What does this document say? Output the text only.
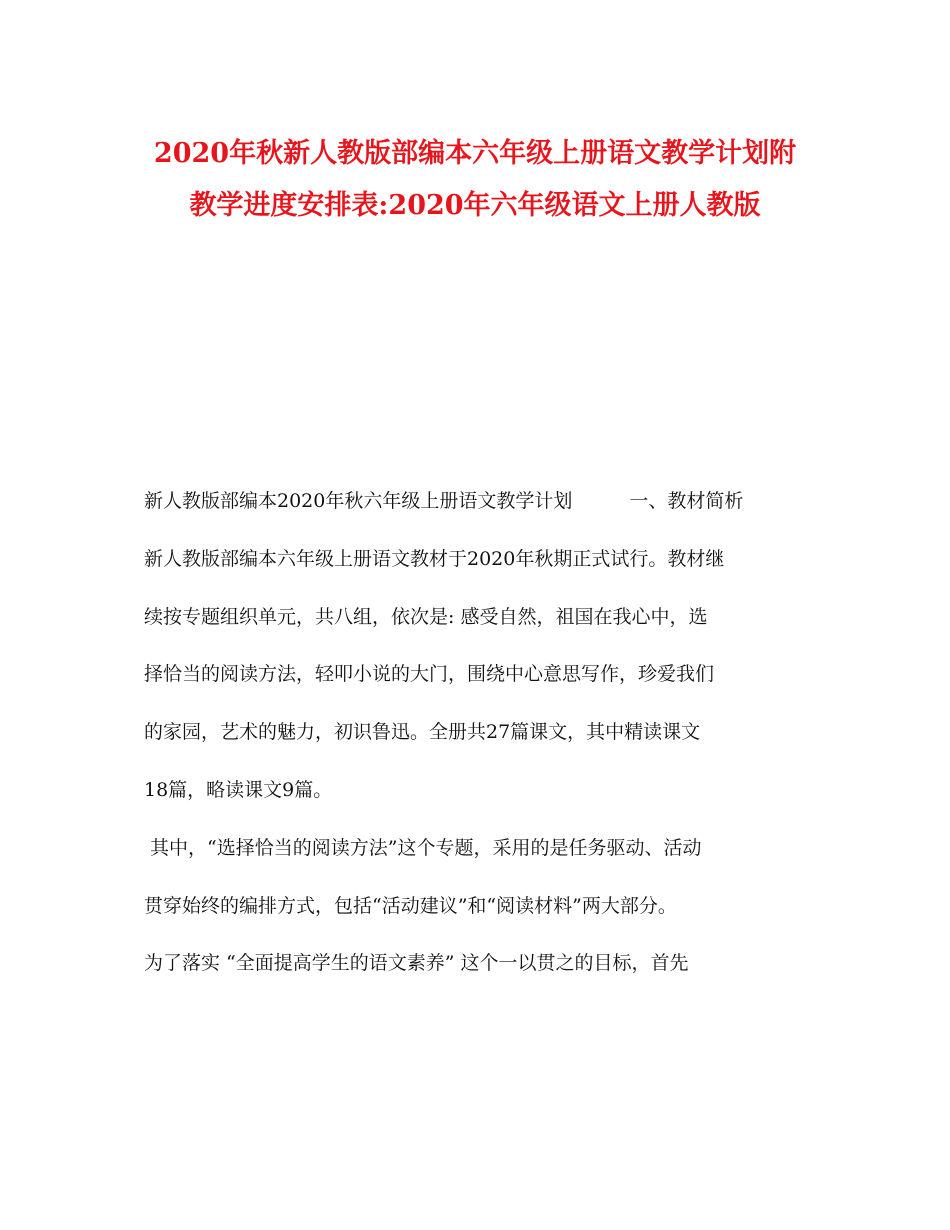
2020年秋新人教版部编本六年级上册语文教学计划附
教学进度安排表:2020年六年级语文上册人教版
新人教版部编本2020年秋六年级上册语文教学计划　　　一、教材简析
新人教版部编本六年级上册语文教材于2020年秋期正式试行。教材继
续按专题组织单元，共八组，依次是: 感受自然，祖国在我心中，选
择恰当的阅读方法，轻叩小说的大门，围绕中心意思写作，珍爱我们
的家园，艺术的魅力，初识鲁迅。全册共27篇课文，其中精读课文
18篇，略读课文9篇。
其中，“选择恰当的阅读方法”这个专题，采用的是任务驱动、活动
贯穿始终的编排方式，包括“活动建议”和“阅读材料”两大部分。
为了落实 “全面提高学生的语文素养” 这个一以贯之的目标，首先
